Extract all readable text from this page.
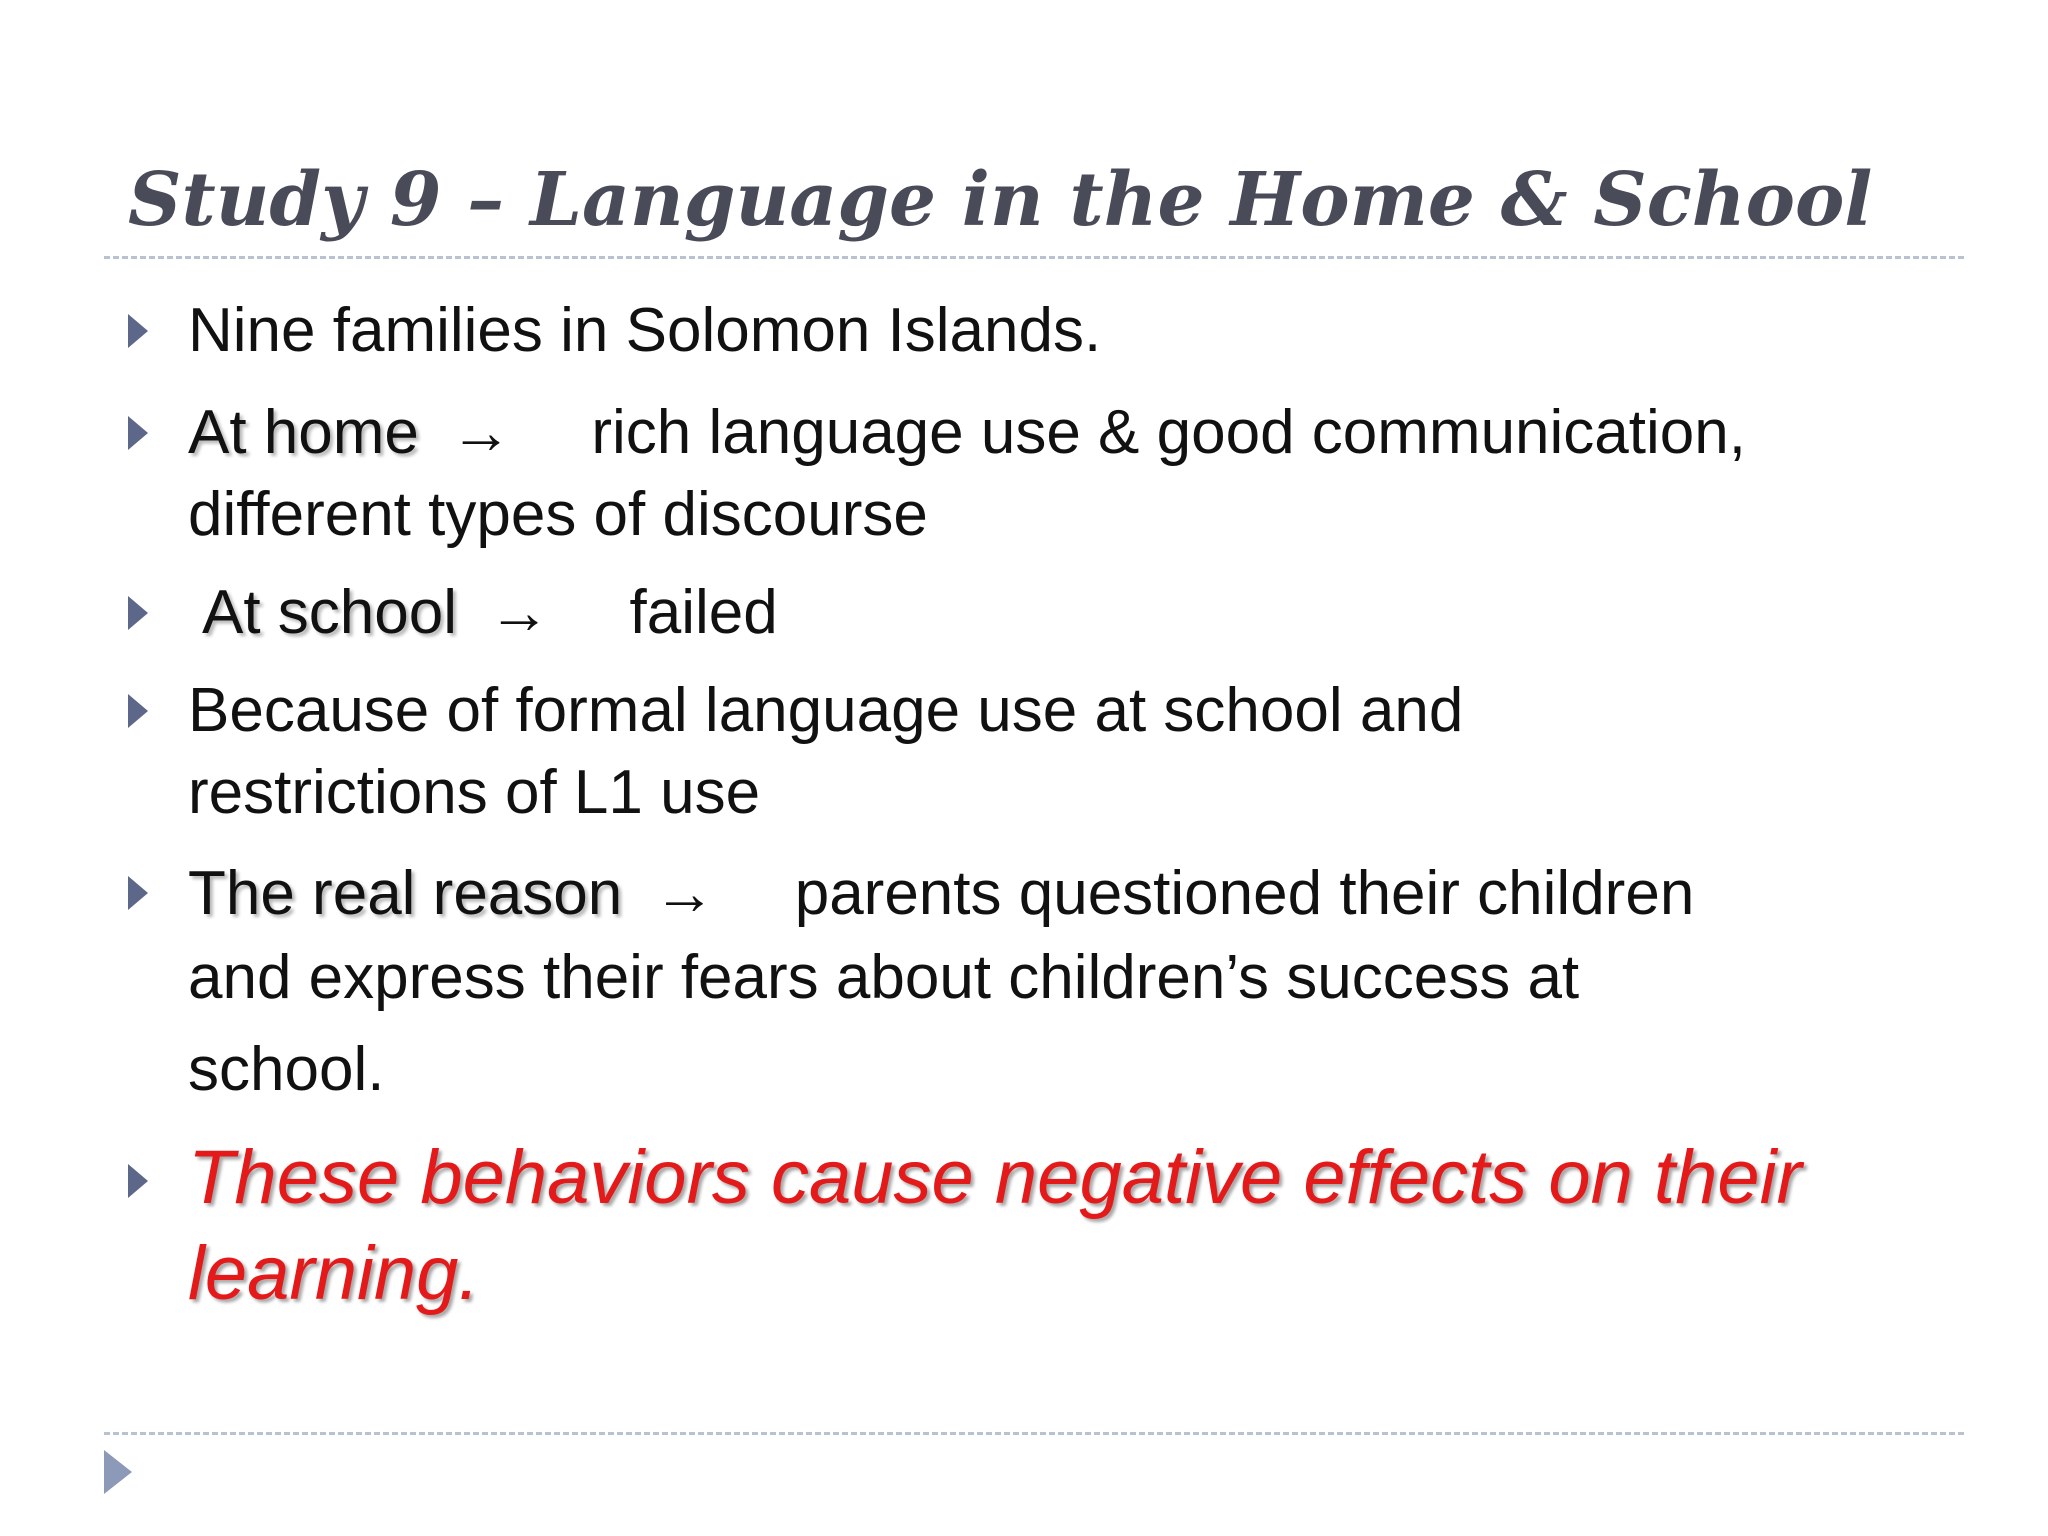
Study 9 – Language in the Home & School
Nine families in Solomon Islands.
At home → rich language use & good communication,
different types of discourse
At school → failed
Because of formal language use at school and
restrictions of L1 use
The real reason → parents questioned their children
and express their fears about children’s success at
school.
These behaviors cause negative effects on their
learning.
